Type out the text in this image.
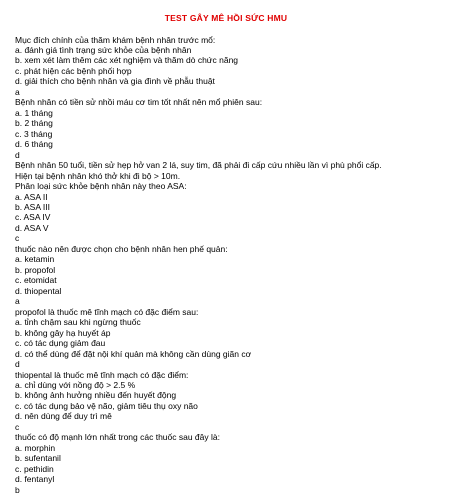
TEST GÂY MÊ HỒI SỨC HMU
Mục đích chính của thăm khám bệnh nhân trước mổ:
a. đánh giá tình trạng sức khỏe của bệnh nhân
b. xem xét làm thêm các xét nghiệm và thăm dò chức năng
c. phát hiện các bệnh phối hợp
d. giải thích cho bệnh nhân và gia đình về phẫu thuật
a
Bệnh nhân có tiền sử nhồi máu cơ tim tốt nhất nên mổ phiên sau:
a. 1 tháng
b. 2 tháng
c. 3 tháng
d. 6 tháng
d
Bệnh nhân 50 tuổi, tiền sử hẹp hở van 2 lá, suy tim, đã phải đi cấp cứu nhiều lần vì phù phổi cấp.
Hiện tại bệnh nhân khó thở khi đi bộ > 10m.
Phân loại sức khỏe bệnh nhân này theo ASA:
a. ASA II
b. ASA III
c. ASA IV
d. ASA V
c
thuốc nào nên được chọn cho bệnh nhân hen phế quản:
a. ketamin
b. propofol
c. etomidat
d. thiopental
a
propofol là thuốc mê tĩnh mạch có đặc điểm sau:
a. tỉnh chậm sau khi ngừng thuốc
b. không gây hạ huyết áp
c. có tác dụng giảm đau
d. có thể dùng để đặt nội khí quản mà không cần dùng giãn cơ
d
thiopental là thuốc mê tĩnh mạch có đặc điểm:
a. chỉ dùng với nồng độ > 2.5 %
b. không ảnh hưởng nhiều đến huyết động
c. có tác dụng bảo vệ não, giảm tiêu thụ oxy não
d. nên dùng để duy trì mê
c
thuốc có độ mạnh lớn nhất trong các thuốc sau đây là:
a. morphin
b. sufentanil
c. pethidin
d. fentanyl
b
